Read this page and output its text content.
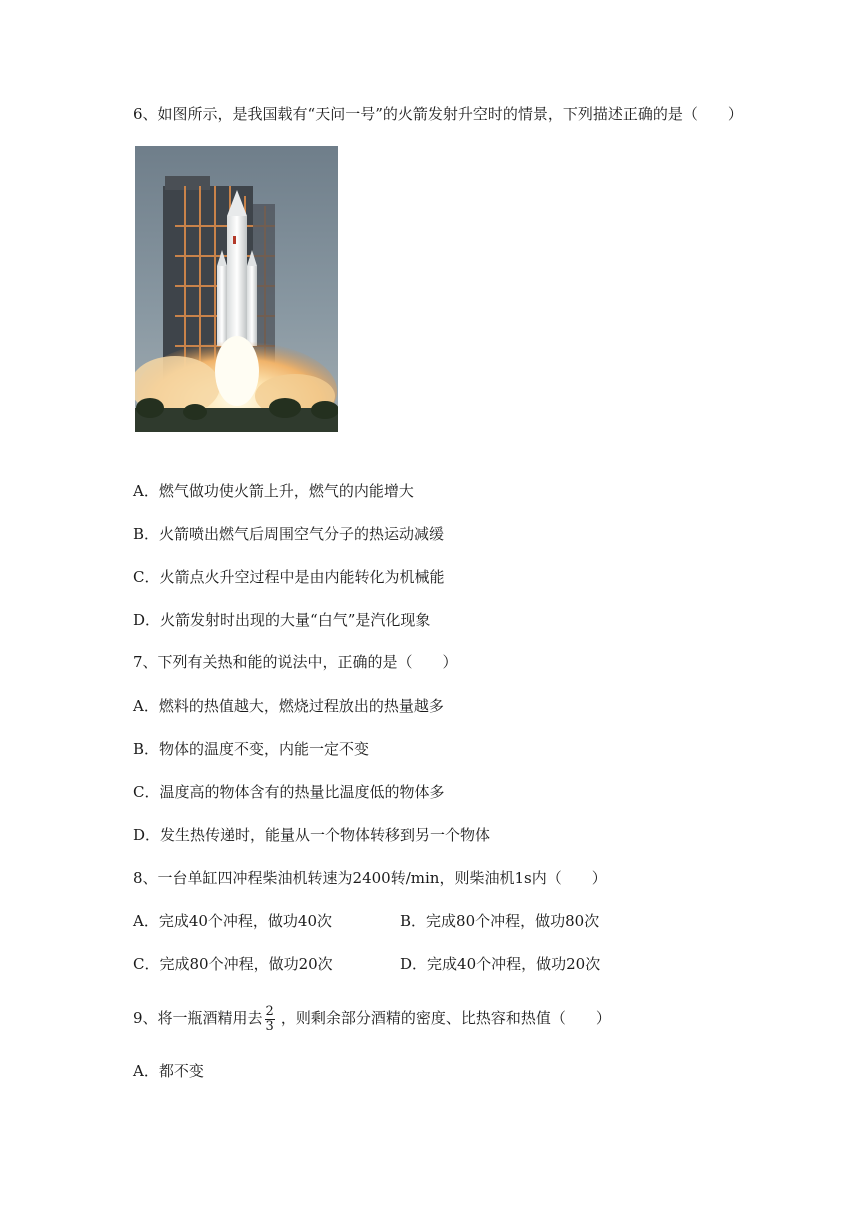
6、如图所示，是我国载有“天问一号”的火箭发射升空时的情景，下列描述正确的是（　　）
A．燃气做功使火箭上升，燃气的内能增大
B．火箭喷出燃气后周围空气分子的热运动减缓
C．火箭点火升空过程中是由内能转化为机械能
D．火箭发射时出现的大量“白气”是汽化现象
7、下列有关热和能的说法中，正确的是（　　）
A．燃料的热值越大，燃烧过程放出的热量越多
B．物体的温度不变，内能一定不变
C．温度高的物体含有的热量比温度低的物体多
D．发生热传递时，能量从一个物体转移到另一个物体
8、一台单缸四冲程柴油机转速为2400转/min，则柴油机1s内（　　）
A．完成40个冲程，做功40次	B．完成80个冲程，做功80次
C．完成80个冲程，做功20次	D．完成40个冲程，做功20次
9、将一瓶酒精用去 $\frac{2}{3}$ ，则剩余部分酒精的密度、比热容和热值（　　）
A．都不变
